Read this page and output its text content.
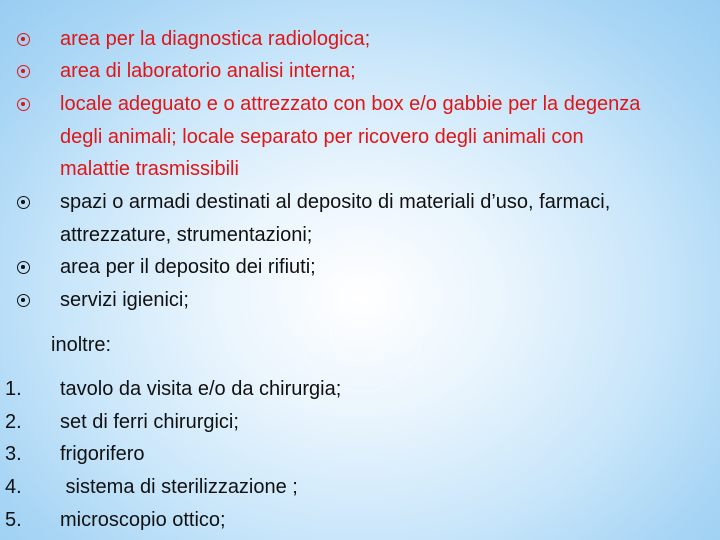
area per la diagnostica radiologica;
area di laboratorio analisi interna;
locale adeguato e o attrezzato con box e/o gabbie per la degenza
degli animali; locale separato per ricovero degli animali con
malattie trasmissibili
spazi o armadi destinati al deposito di materiali d’uso, farmaci,
attrezzature, strumentazioni;
area per il deposito dei rifiuti;
servizi igienici;
inoltre:
1. tavolo da visita e/o da chirurgia;
2. set di ferri chirurgici;
3. frigorifero
4. sistema di sterilizzazione ;
5. microscopio ottico;
